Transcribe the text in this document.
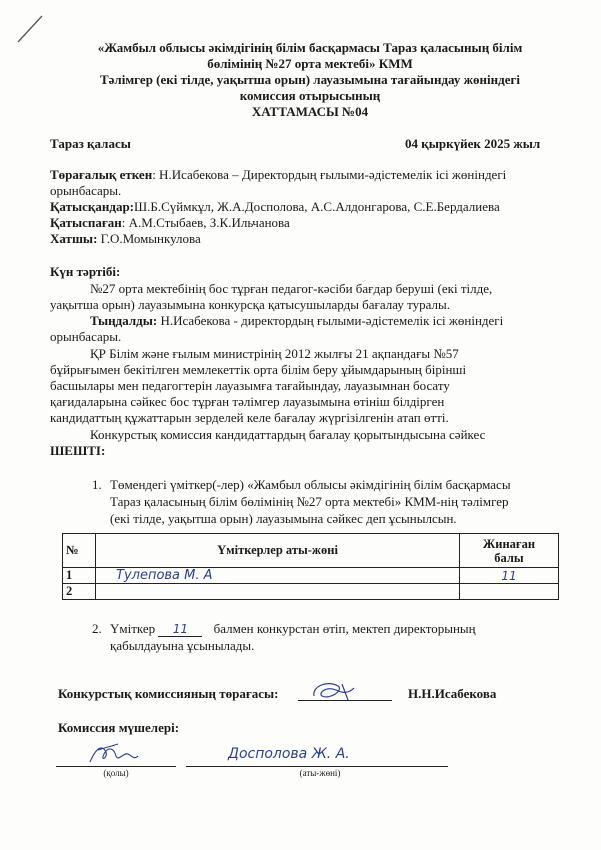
«Жамбыл облысы әкімдігінің білім басқармасы Тараз қаласының білім
бөлімінің №27 орта мектебі» КММ
Тәлімгер (екі тілде, уақытша орын) лауазымына тағайындау жөніндегі
комиссия отырысының
ХАТТАМАСЫ №04
Тараз қаласы	04 қыркүйек 2025 жыл
Төрағалық еткен: Н.Исабекова – Директордың ғылыми-әдістемелік ісі жөніндегі
орынбасары.
Қатысқандар:Ш.Б.Сүймкұл, Ж.А.Досполова, А.С.Алдонгарова, С.Е.Бердалиева
Қатыспаған: А.М.Стыбаев, З.К.Ильчанова
Хатшы: Г.О.Момынкулова
Күн тәртібі:
№27 орта мектебінің бос тұрған педагог-кәсіби бағдар беруші (екі тілде,
уақытша орын) лауазымына конкурсқа қатысушыларды бағалау туралы.
Тыңдалды: Н.Исабекова - директордың ғылыми-әдістемелік ісі жөніндегі
орынбасары.
ҚР Білім және ғылым министрінің 2012 жылғы 21 ақпандағы №57
бұйрығымен бекітілген мемлекеттік орта білім беру ұйымдарының бірінші
басшылары мен педагогтерін лауазымға тағайындау, лауазымнан босату
қағидаларына сәйкес бос тұрған тәлімгер лауазымына өтініш білдірген
кандидаттың құжаттарын зерделей келе бағалау жүргізілгенін атап өтті.
Конкурстық комиссия кандидаттардың бағалау қорытындысына сәйкес
ШЕШТІ:
1. Төмендегі үміткер(-лер) «Жамбыл облысы әкімдігінің білім басқармасы
Тараз қаласының білім бөлімінің №27 орта мектебі» КММ-нің тәлімгер
(екі тілде, уақытша орын) лауазымына сәйкес деп ұсынылсын.
№	Үміткерлер аты-жөні	Жинаған
балы

1	Тулепова М. А	11
2		
2. Үміткер 11 балмен конкурстан өтіп, мектеп директорының
қабылдауына ұсынылады.
Конкурстық комиссияның төрағасы:	Н.Н.Исабекова
Комиссия мүшелері:
Досполова Ж. А.
(қолы)	(аты-жөні)
